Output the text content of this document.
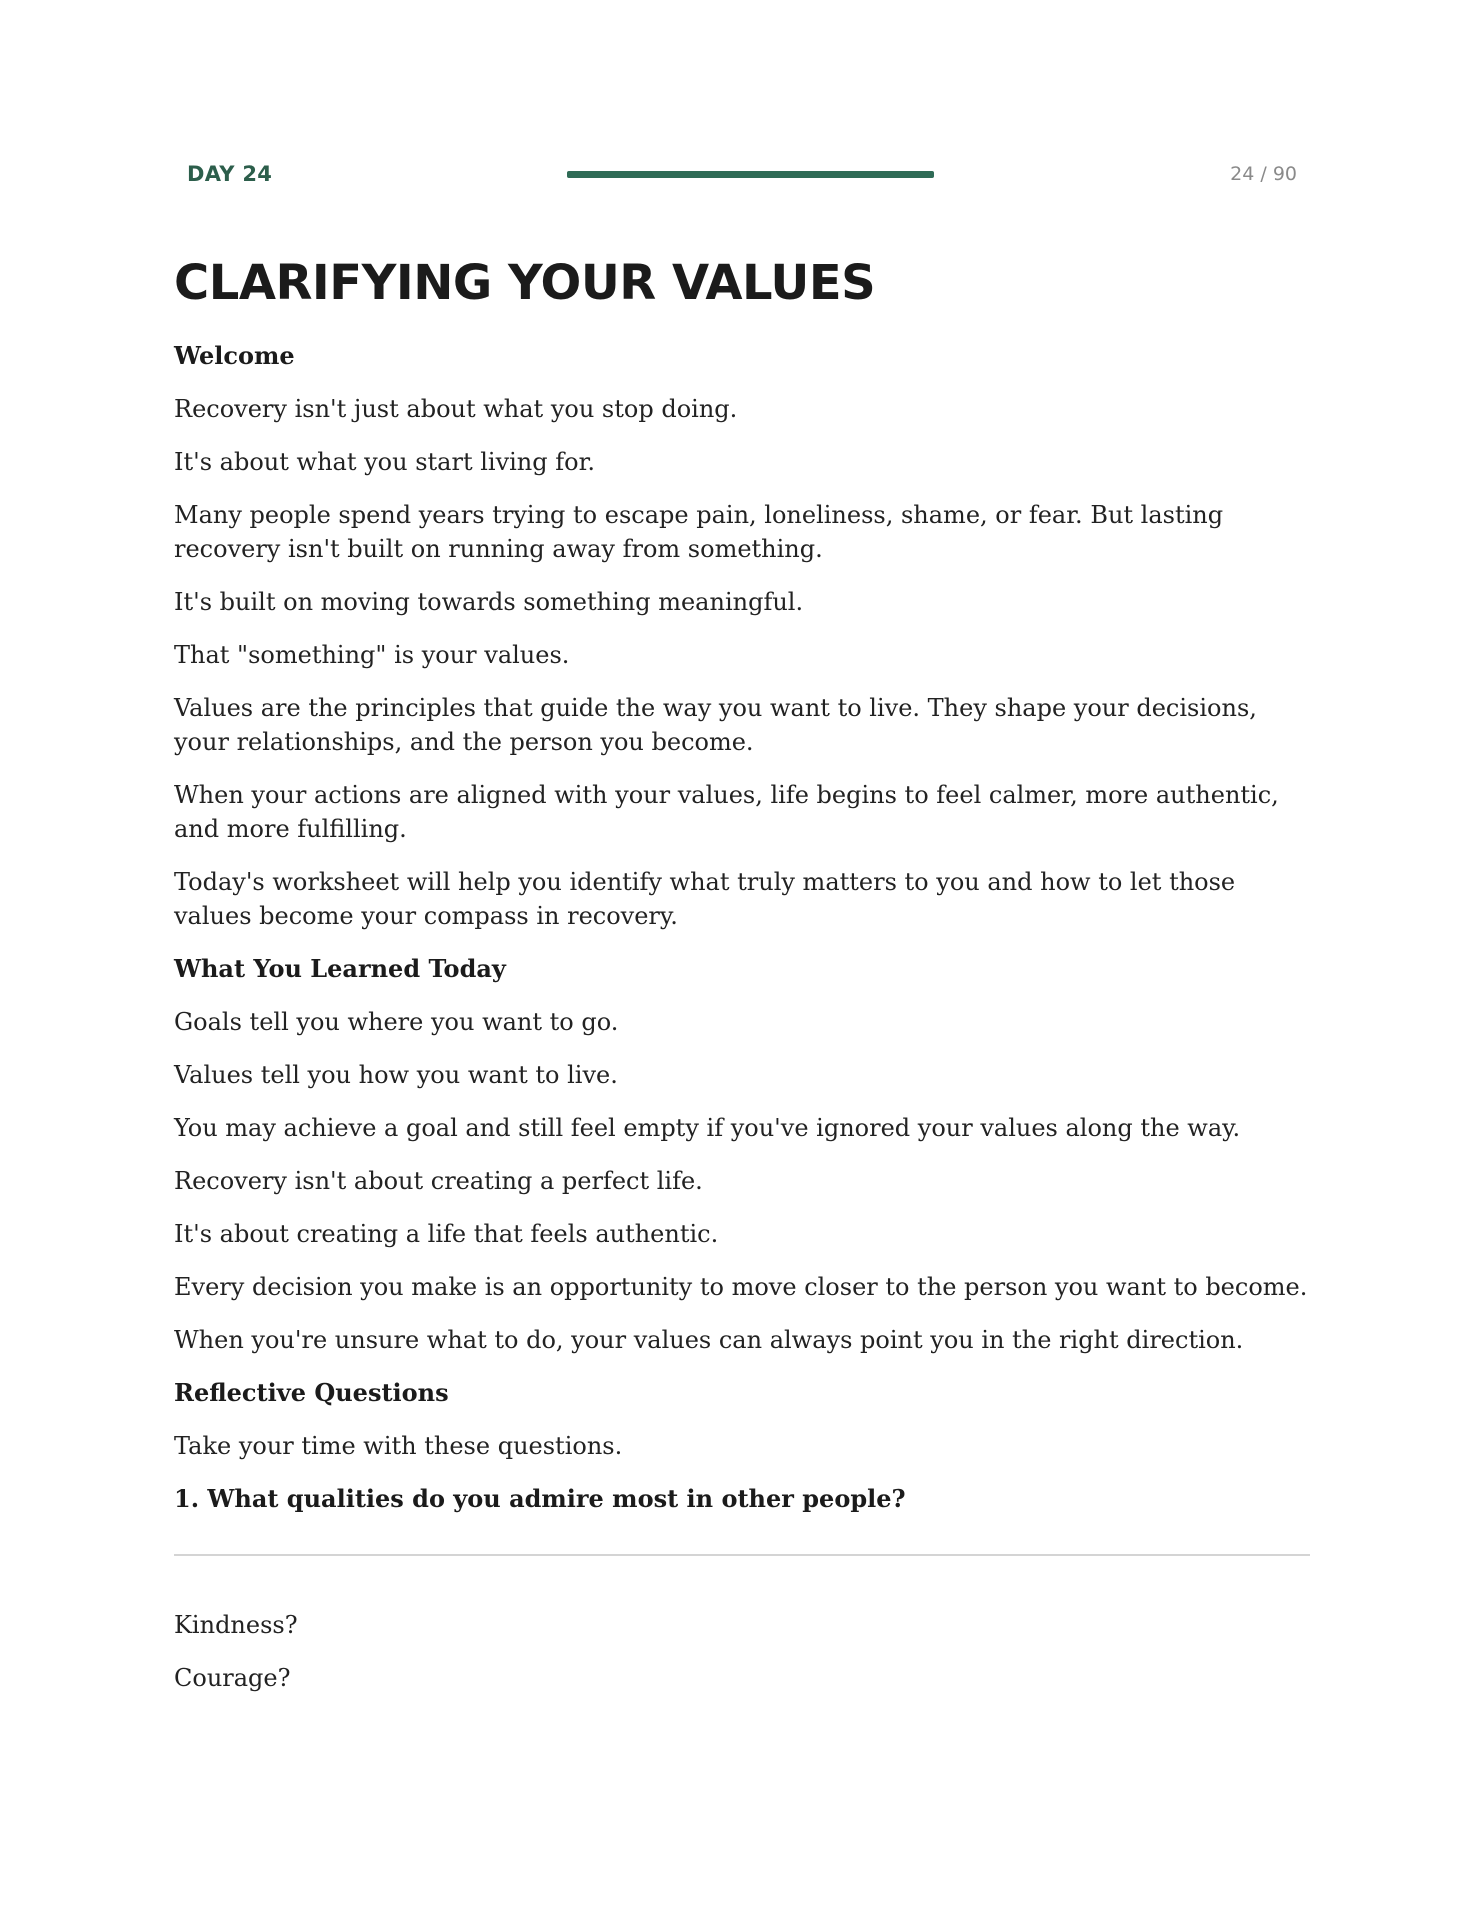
DAY 24	24 / 90
CLARIFYING YOUR VALUES

Welcome

Recovery isn't just about what you stop doing.

It's about what you start living for.

Many people spend years trying to escape pain, loneliness, shame, or fear. But lasting recovery isn't built on running away from something.

It's built on moving towards something meaningful.

That "something" is your values.

Values are the principles that guide the way you want to live. They shape your decisions, your relationships, and the person you become.

When your actions are aligned with your values, life begins to feel calmer, more authentic, and more fulfilling.

Today's worksheet will help you identify what truly matters to you and how to let those values become your compass in recovery.

What You Learned Today

Goals tell you where you want to go.

Values tell you how you want to live.

You may achieve a goal and still feel empty if you've ignored your values along the way.

Recovery isn't about creating a perfect life.

It's about creating a life that feels authentic.

Every decision you make is an opportunity to move closer to the person you want to become.

When you're unsure what to do, your values can always point you in the right direction.

Reflective Questions

Take your time with these questions.

1. What qualities do you admire most in other people?

Kindness?

Courage?
